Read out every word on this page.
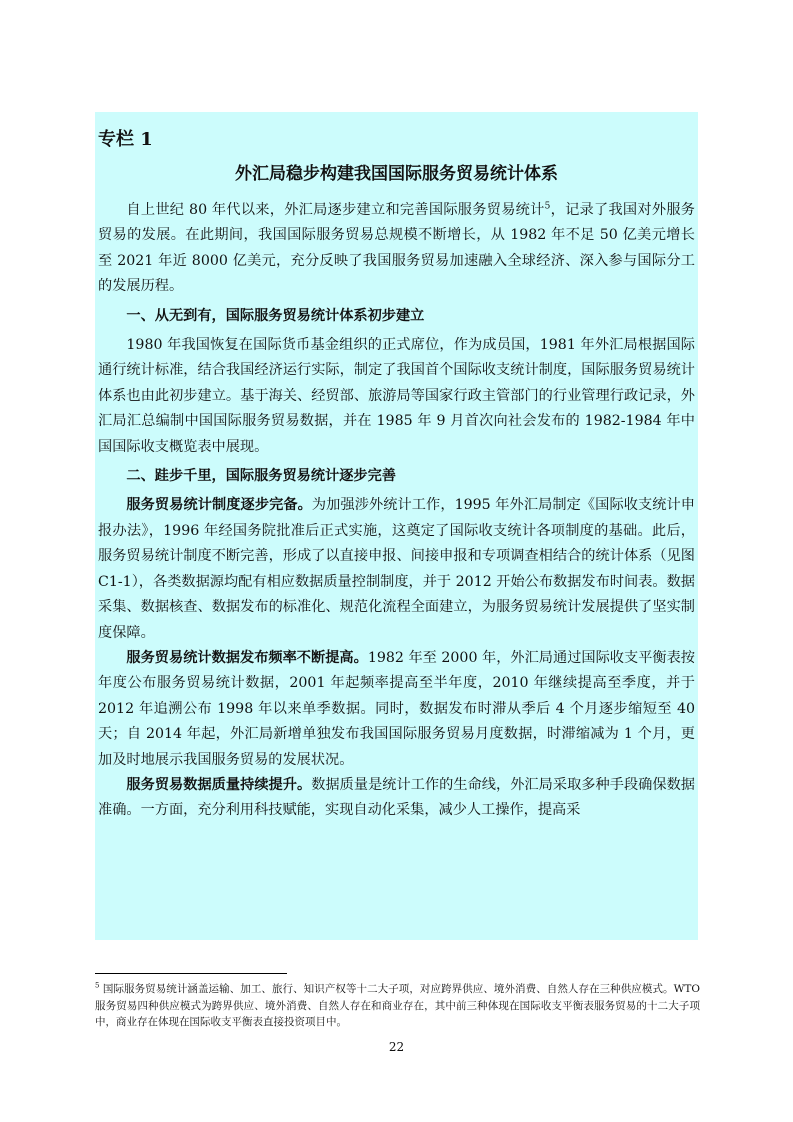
专栏 1
外汇局稳步构建我国国际服务贸易统计体系

自上世纪 80 年代以来，外汇局逐步建立和完善国际服务贸易统计$^5$，记录了我国对外服务贸易的发展。在此期间，我国国际服务贸易总规模不断增长，从 1982 年不足 50 亿美元增长至 2021 年近 8000 亿美元，充分反映了我国服务贸易加速融入全球经济、深入参与国际分工的发展历程。

一、从无到有，国际服务贸易统计体系初步建立

1980 年我国恢复在国际货币基金组织的正式席位，作为成员国，1981 年外汇局根据国际通行统计标准，结合我国经济运行实际，制定了我国首个国际收支统计制度，国际服务贸易统计体系也由此初步建立。基于海关、经贸部、旅游局等国家行政主管部门的行业管理行政记录，外汇局汇总编制中国国际服务贸易数据，并在 1985 年 9 月首次向社会发布的 1982-1984 年中国国际收支概览表中展现。

二、跬步千里，国际服务贸易统计逐步完善

服务贸易统计制度逐步完备。为加强涉外统计工作，1995 年外汇局制定《国际收支统计申报办法》，1996 年经国务院批准后正式实施，这奠定了国际收支统计各项制度的基础。此后，服务贸易统计制度不断完善，形成了以直接申报、间接申报和专项调查相结合的统计体系（见图 C1-1），各类数据源均配有相应数据质量控制制度，并于 2012 开始公布数据发布时间表。数据采集、数据核查、数据发布的标准化、规范化流程全面建立，为服务贸易统计发展提供了坚实制度保障。

服务贸易统计数据发布频率不断提高。1982 年至 2000 年，外汇局通过国际收支平衡表按年度公布服务贸易统计数据，2001 年起频率提高至半年度，2010 年继续提高至季度，并于 2012 年追溯公布 1998 年以来单季数据。同时，数据发布时滞从季后 4 个月逐步缩短至 40 天；自 2014 年起，外汇局新增单独发布我国国际服务贸易月度数据，时滞缩减为 1 个月，更加及时地展示我国服务贸易的发展状况。

服务贸易数据质量持续提升。数据质量是统计工作的生命线，外汇局采取多种手段确保数据准确。一方面，充分利用科技赋能，实现自动化采集，减少人工操作，提高采

$^5$ 国际服务贸易统计涵盖运输、加工、旅行、知识产权等十二大子项，对应跨界供应、境外消费、自然人存在三种供应模式。WTO 服务贸易四种供应模式为跨界供应、境外消费、自然人存在和商业存在，其中前三种体现在国际收支平衡表服务贸易的十二大子项中，商业存在体现在国际收支平衡表直接投资项目中。
22
